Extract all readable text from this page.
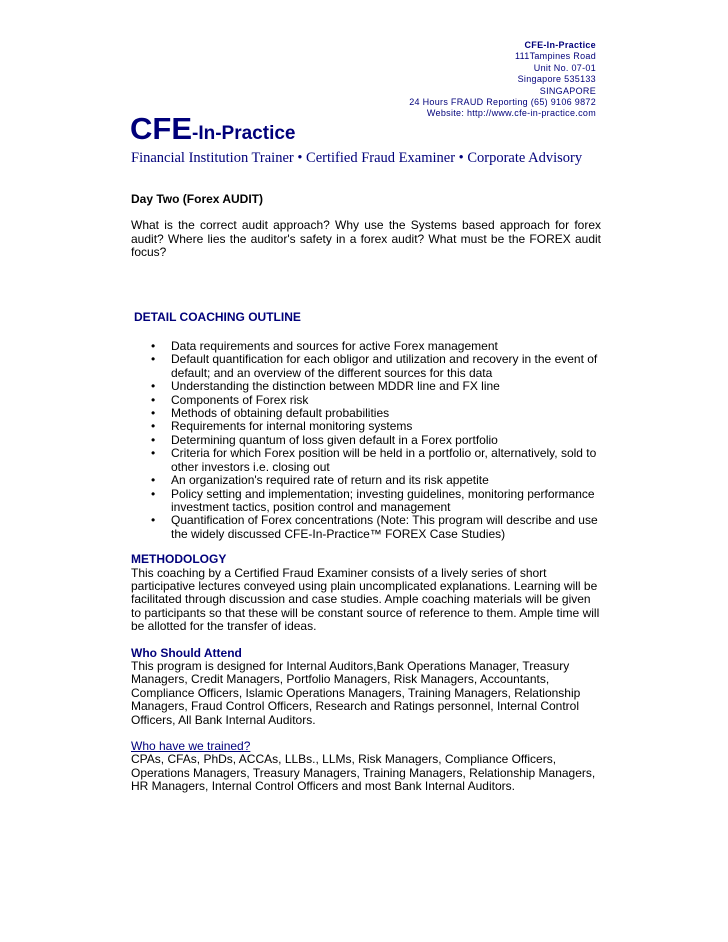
CFE-In-Practice
111Tampines Road
Unit No. 07-01
Singapore 535133
SINGAPORE
24 Hours FRAUD Reporting (65) 9106 9872
Website: http://www.cfe-in-practice.com
CFE-In-Practice
Financial Institution Trainer • Certified Fraud Examiner • Corporate Advisory

Day Two (Forex AUDIT)

What is the correct audit approach? Why use the Systems based approach for forex audit? Where lies the auditor's safety in a forex audit? What must be the FOREX audit focus?

DETAIL COACHING OUTLINE
• Data requirements and sources for active Forex management
• Default quantification for each obligor and utilization and recovery in the event of default; and an overview of the different sources for this data
• Understanding the distinction between MDDR line and FX line
• Components of Forex risk
• Methods of obtaining default probabilities
• Requirements for internal monitoring systems
• Determining quantum of loss given default in a Forex portfolio
• Criteria for which Forex position will be held in a portfolio or, alternatively, sold to other investors i.e. closing out
• An organization's required rate of return and its risk appetite
• Policy setting and implementation; investing guidelines, monitoring performance investment tactics, position control and management
• Quantification of Forex concentrations (Note: This program will describe and use the widely discussed CFE-In-Practice™ FOREX Case Studies)
METHODOLOGY

This coaching by a Certified Fraud Examiner consists of a lively series of short participative lectures conveyed using plain uncomplicated explanations. Learning will be facilitated through discussion and case studies. Ample coaching materials will be given to participants so that these will be constant source of reference to them. Ample time will be allotted for the transfer of ideas.

Who Should Attend

This program is designed for Internal Auditors,Bank Operations Manager, Treasury Managers, Credit Managers, Portfolio Managers, Risk Managers, Accountants, Compliance Officers, Islamic Operations Managers, Training Managers, Relationship Managers, Fraud Control Officers, Research and Ratings personnel, Internal Control Officers, All Bank Internal Auditors.

Who have we trained?

CPAs, CFAs, PhDs, ACCAs, LLBs., LLMs, Risk Managers, Compliance Officers, Operations Managers, Treasury Managers, Training Managers, Relationship Managers, HR Managers, Internal Control Officers and most Bank Internal Auditors.
